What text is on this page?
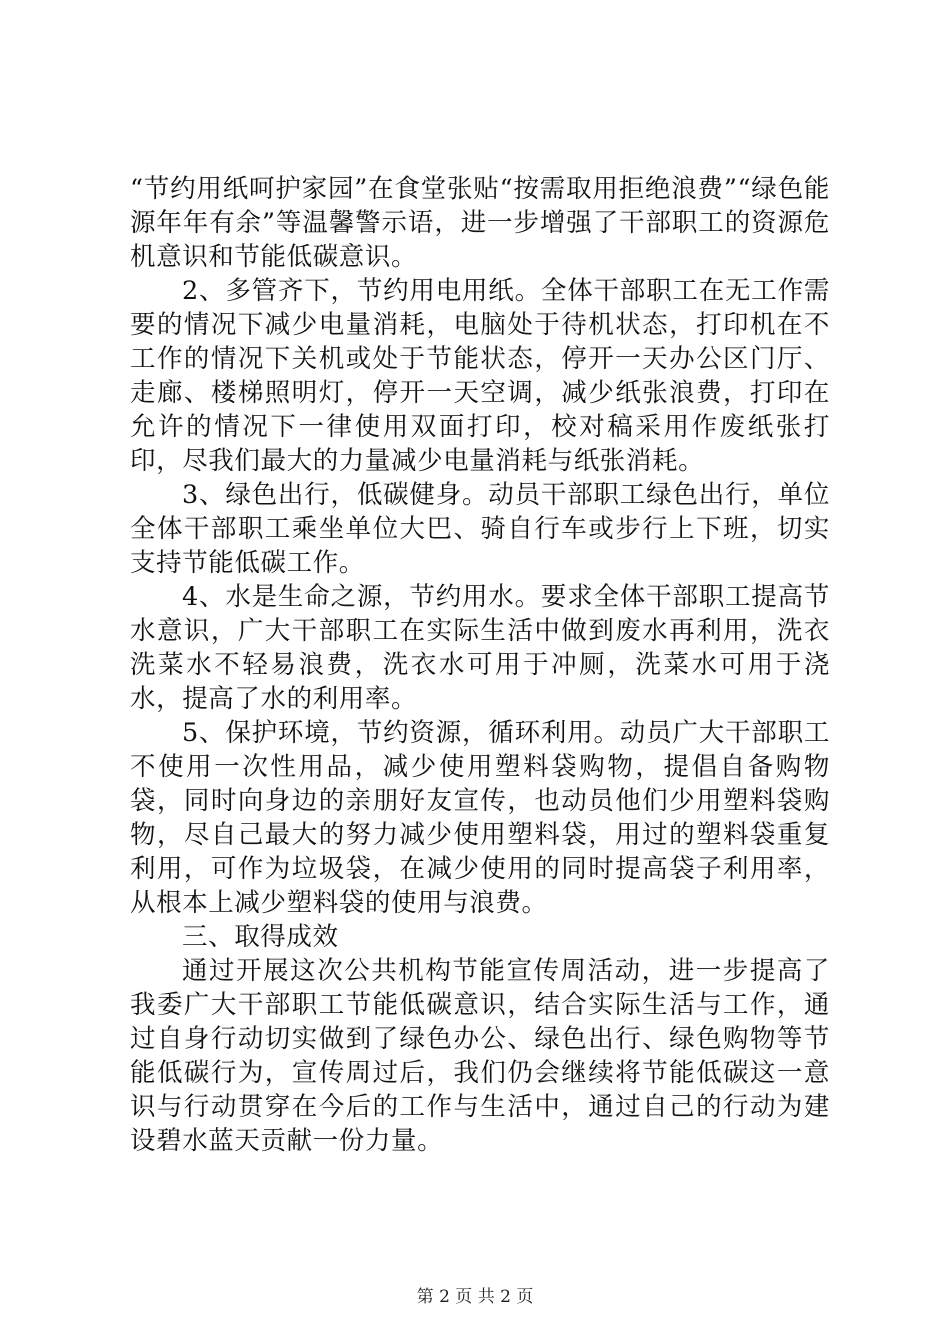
“节约用纸呵护家园”在食堂张贴“按需取用拒绝浪费”“绿色能源年年有余”等温馨警示语，进一步增强了干部职工的资源危机意识和节能低碳意识。

2、多管齐下，节约用电用纸。全体干部职工在无工作需要的情况下减少电量消耗，电脑处于待机状态，打印机在不工作的情况下关机或处于节能状态，停开一天办公区门厅、走廊、楼梯照明灯，停开一天空调，减少纸张浪费，打印在允许的情况下一律使用双面打印，校对稿采用作废纸张打印，尽我们最大的力量减少电量消耗与纸张消耗。

3、绿色出行，低碳健身。动员干部职工绿色出行，单位全体干部职工乘坐单位大巴、骑自行车或步行上下班，切实支持节能低碳工作。

4、水是生命之源，节约用水。要求全体干部职工提高节水意识，广大干部职工在实际生活中做到废水再利用，洗衣洗菜水不轻易浪费，洗衣水可用于冲厕，洗菜水可用于浇水，提高了水的利用率。

5、保护环境，节约资源，循环利用。动员广大干部职工不使用一次性用品，减少使用塑料袋购物，提倡自备购物袋，同时向身边的亲朋好友宣传，也动员他们少用塑料袋购物，尽自己最大的努力减少使用塑料袋，用过的塑料袋重复利用，可作为垃圾袋，在减少使用的同时提高袋子利用率，从根本上减少塑料袋的使用与浪费。

三、取得成效

通过开展这次公共机构节能宣传周活动，进一步提高了我委广大干部职工节能低碳意识，结合实际生活与工作，通过自身行动切实做到了绿色办公、绿色出行、绿色购物等节能低碳行为，宣传周过后，我们仍会继续将节能低碳这一意识与行动贯穿在今后的工作与生活中，通过自己的行动为建设碧水蓝天贡献一份力量。

第 2 页 共 2 页
